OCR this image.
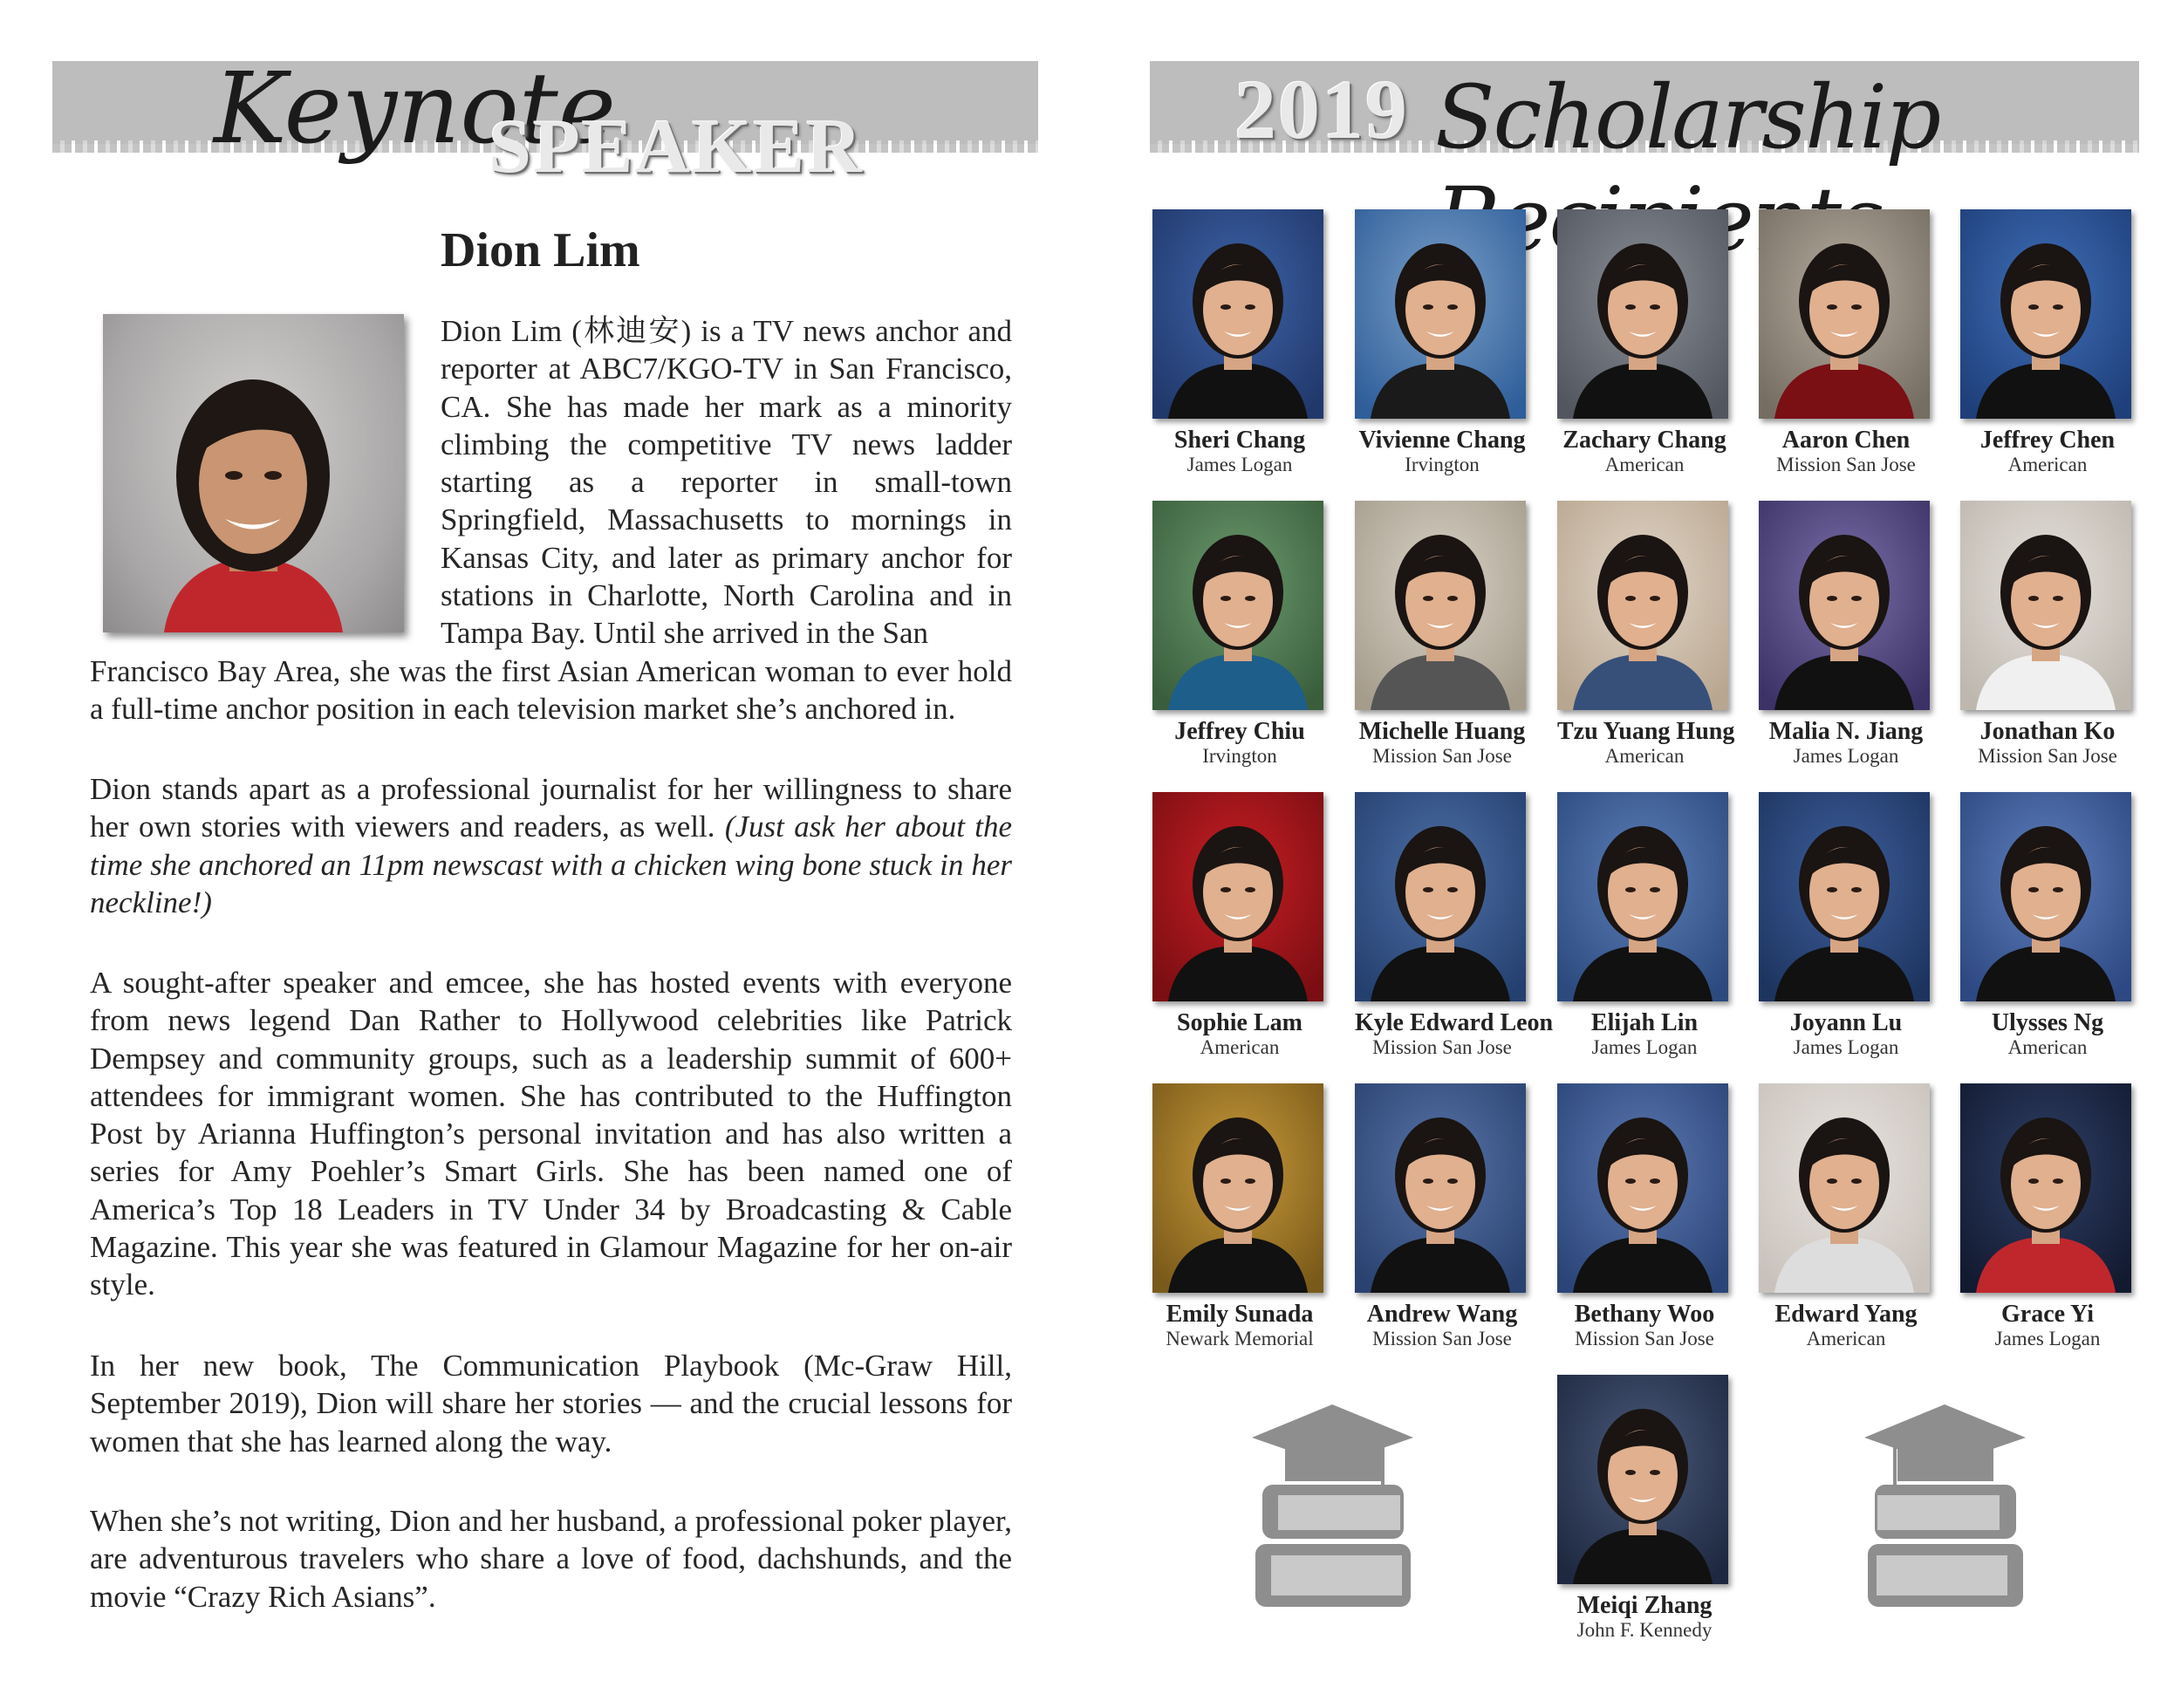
Keynote
SPEAKER	2019 Scholarship
Dion Lim
Dion Lim (林迪安) is a TV news anchor and reporter at ABC7/KGO-TV in San Francisco, CA. She has made her mark as a minority climbing the competitive TV news ladder starting as a reporter in small-town Springfield, Massachusetts to mornings in Kansas City, and later as primary anchor for stations in Charlotte, North Carolina and in Tampa Bay. Until she arrived in the San
Francisco Bay Area, she was the first Asian American woman to ever hold a full-time anchor position in each television market she’s anchored in.
Dion stands apart as a professional journalist for her willingness to share her own stories with viewers and readers, as well. (Just ask her about the time she anchored an 11pm newscast with a chicken wing bone stuck in her neckline!)
A sought-after speaker and emcee, she has hosted events with everyone from news legend Dan Rather to Hollywood celebrities like Patrick Dempsey and community groups, such as a leadership summit of 600+ attendees for immigrant women. She has contributed to the Huffington Post by Arianna Huffington’s personal invitation and has also written a series for Amy Poehler’s Smart Girls. She has been named one of America’s Top 18 Leaders in TV Under 34 by Broadcasting & Cable Magazine. This year she was featured in Glamour Magazine for her on-air style.
In her new book, The Communication Playbook (Mc-Graw Hill, September 2019), Dion will share her stories — and the crucial lessons for women that she has learned along the way.
When she’s not writing, Dion and her husband, a professional poker player, are adventurous travelers who share a love of food, dachshunds, and the movie “Crazy Rich Asians”.
Sheri Chang
James Logan
Vivienne Chang
Irvington
Zachary Chang
American
Aaron Chen
Mission San Jose
Jeffrey Chen
American
Jeffrey Chiu
Irvington
Michelle Huang
Mission San Jose
Tzu Yuang Hung
American
Malia N. Jiang
James Logan
Jonathan Ko
Mission San Jose
Sophie Lam
American
Kyle Edward Leon
Mission San Jose
Elijah Lin
James Logan
Joyann Lu
James Logan
Ulysses Ng
American
Emily Sunada
Newark Memorial
Andrew Wang
Mission San Jose
Bethany Woo
Mission San Jose
Edward Yang
American
Grace Yi
James Logan
Meiqi Zhang
John F. Kennedy
